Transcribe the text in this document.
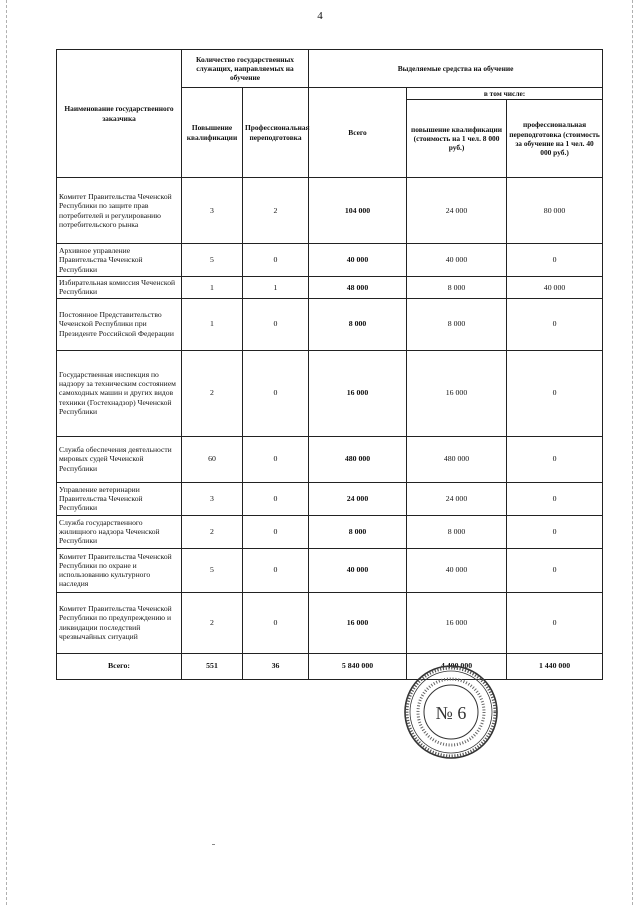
4
Наименование государственного заказчика	Количество государственных служащих, направляемых на обучение		Выделяемые средства на обучение		
	Повышение квалификации	Профессиональная переподготовка	Всего	в том числе:	
				повышение квалификации (стоимость на 1 чел. 8 000 руб.)	профессиональная переподготовка (стоимость за обучение на 1 чел. 40 000 руб.)
Комитет Правительства Чеченской Республики по защите прав потребителей и регулированию потребительского рынка	3	2	104 000	24 000	80 000
Архивное управление Правительства Чеченской Республики	5	0	40 000	40 000	0
Избирательная комиссия Чеченской Республики	1	1	48 000	8 000	40 000
Постоянное Представительство Чеченской Республики при Президенте Российской Федерации	1	0	8 000	8 000	0
Государственная инспекция по надзору за техническим состоянием самоходных машин и других видов техники (Гостехнадзор) Чеченской Республики	2	0	16 000	16 000	0
Служба обеспечения деятельности мировых судей Чеченской Республики	60	0	480 000	480 000	0
Управление ветеринарии Правительства Чеченской Республики	3	0	24 000	24 000	0
Служба государственного жилищного надзора Чеченской Республики	2	0	8 000	8 000	0
Комитет Правительства Чеченской Республики по охране и использованию культурного наследия	5	0	40 000	40 000	0
Комитет Правительства Чеченской Республики по предупреждению и ликвидации последствий чрезвычайных ситуаций	2	0	16 000	16 000	0
Всего:	551	36	5 840 000	4 400 000	1 440 000
№ 6
